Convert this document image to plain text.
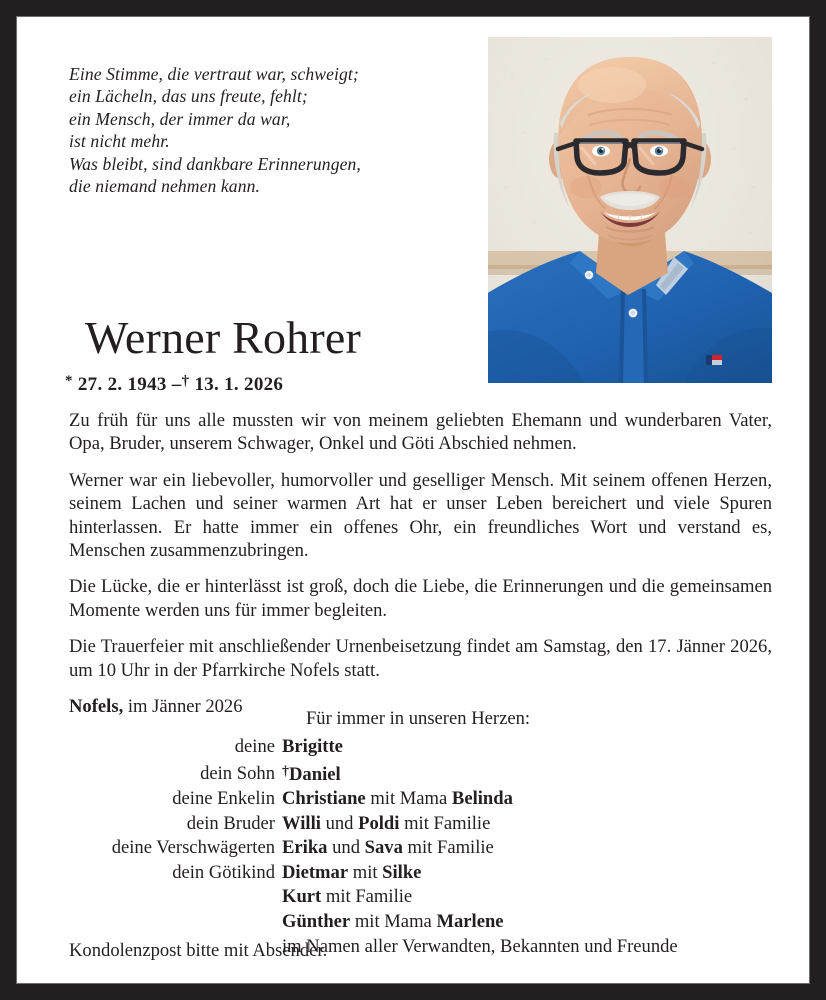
Eine Stimme, die vertraut war, schweigt;
ein Lächeln, das uns freute, fehlt;
ein Mensch, der immer da war,
ist nicht mehr.
Was bleibt, sind dankbare Erinnerungen,
die niemand nehmen kann.
Werner Rohrer
* 27. 2. 1943 –† 13. 1. 2026

Zu früh für uns alle mussten wir von meinem geliebten Ehemann und wunderbaren Vater, Opa, Bruder, unserem Schwager, Onkel und Göti Abschied nehmen.

Werner war ein liebevoller, humorvoller und geselliger Mensch. Mit seinem offenen Herzen, seinem Lachen und seiner warmen Art hat er unser Leben bereichert und viele Spuren hinterlassen. Er hatte immer ein offenes Ohr, ein freundliches Wort und verstand es, Menschen zusammenzubringen.

Die Lücke, die er hinterlässt ist groß, doch die Liebe, die Erinnerungen und die gemeinsamen Momente werden uns für immer begleiten.

Die Trauerfeier mit anschließender Urnenbeisetzung findet am Samstag, den 17. Jänner 2026, um 10 Uhr in der Pfarrkirche Nofels statt.

Nofels, im Jänner 2026

Für immer in unseren Herzen:
deine Brigitte
dein Sohn †Daniel
deine Enkelin Christiane mit Mama Belinda
dein Bruder Willi und Poldi mit Familie
deine Verschwägerten Erika und Sava mit Familie
dein Götikind Dietmar mit Silke
Kurt mit Familie
Günther mit Mama Marlene
im Namen aller Verwandten, Bekannten und Freunde
Kondolenzpost bitte mit Absender.
